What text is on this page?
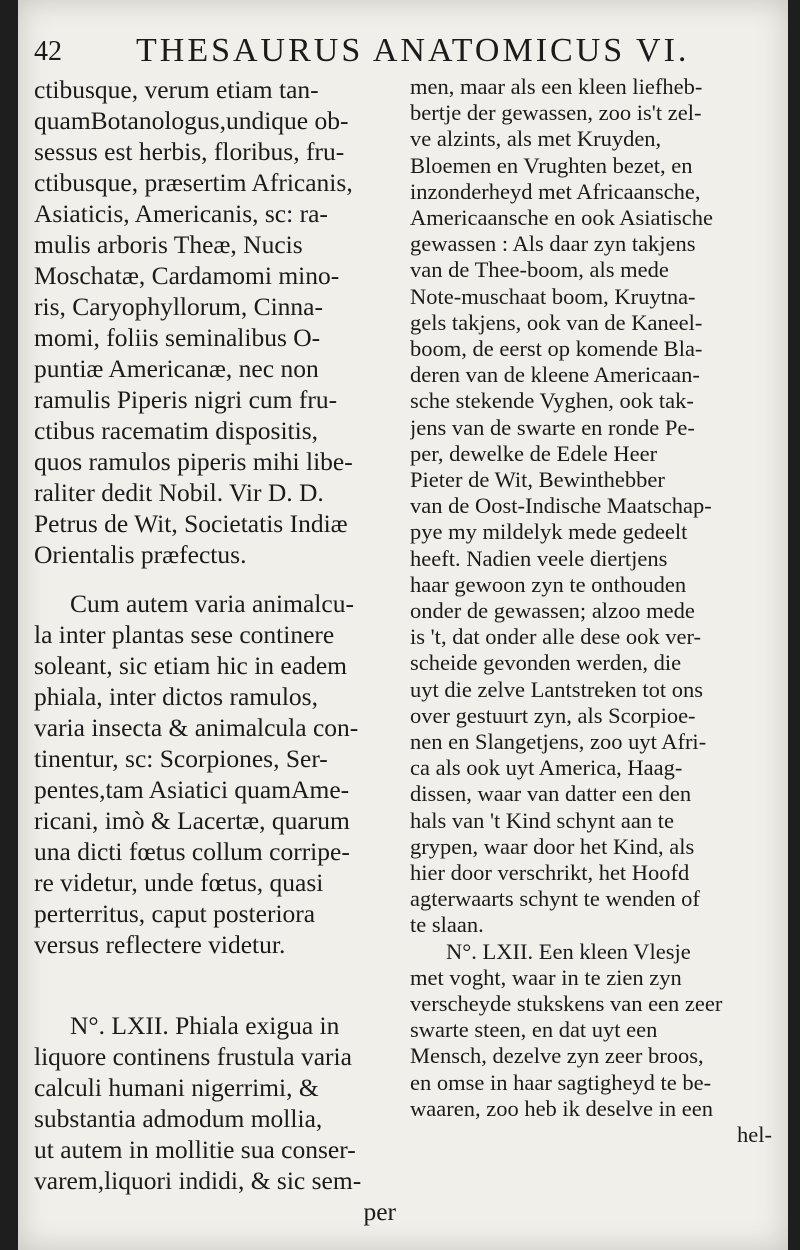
42 THESAURUS ANATOMICUS VI.
ctibusque, verum etiam tan-
quamBotanologus,undique ob-
sessus est herbis, floribus, fru-
ctibusque, præsertim Africanis,
Asiaticis, Americanis, sc: ra-
mulis arboris Theæ, Nucis
Moschatæ, Cardamomi mino-
ris, Caryophyllorum, Cinna-
momi, foliis seminalibus O-
puntiæ Americanæ, nec non
ramulis Piperis nigri cum fru-
ctibus racematim dispositis,
quos ramulos piperis mihi libe-
raliter dedit Nobil. Vir D. D.
Petrus de Wit, Societatis Indiæ
Orientalis præfectus.
Cum autem varia animalcu-
la inter plantas sese continere
soleant, sic etiam hic in eadem
phiala, inter dictos ramulos,
varia insecta & animalcula con-
tinentur, sc: Scorpiones, Ser-
pentes,tam Asiatici quamAme-
ricani, imò & Lacertæ, quarum
una dicti fœtus collum corripe-
re videtur, unde fœtus, quasi
perterritus, caput posteriora
versus reflectere videtur.
N°. LXII. Phiala exigua in
liquore continens frustula varia
calculi humani nigerrimi, &
substantia admodum mollia,
ut autem in mollitie sua conser-
varem,liquori indidi, & sic sem-
per
men, maar als een kleen liefheb-
bertje der gewassen, zoo is't zel-
ve alzints, als met Kruyden,
Bloemen en Vrughten bezet, en
inzonderheyd met Africaansche,
Americaansche en ook Asiatische
gewassen : Als daar zyn takjens
van de Thee-boom, als mede
Note-muschaat boom, Kruytna-
gels takjens, ook van de Kaneel-
boom, de eerst op komende Bla-
deren van de kleene Americaan-
sche stekende Vyghen, ook tak-
jens van de swarte en ronde Pe-
per, dewelke de Edele Heer
Pieter de Wit, Bewinthebber
van de Oost-Indische Maatschap-
pye my mildelyk mede gedeelt
heeft. Nadien veele diertjens
haar gewoon zyn te onthouden
onder de gewassen; alzoo mede
is 't, dat onder alle dese ook ver-
scheide gevonden werden, die
uyt die zelve Lantstreken tot ons
over gestuurt zyn, als Scorpioe-
nen en Slangetjens, zoo uyt Afri-
ca als ook uyt America, Haag-
dissen, waar van datter een den
hals van 't Kind schynt aan te
grypen, waar door het Kind, als
hier door verschrikt, het Hoofd
agterwaarts schynt te wenden of
te slaan.
N°. LXII. Een kleen Vlesje
met voght, waar in te zien zyn
verscheyde stukskens van een zeer
swarte steen, en dat uyt een
Mensch, dezelve zyn zeer broos,
en omse in haar sagtigheyd te be-
waaren, zoo heb ik deselve in een
hel-
